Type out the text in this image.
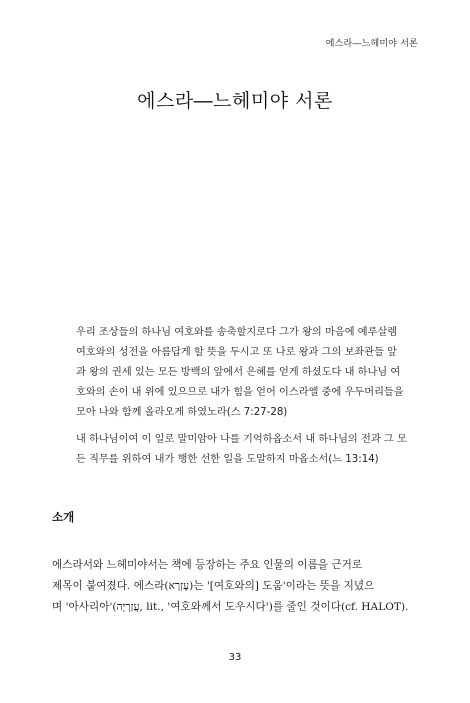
에스라―느헤미야 서론
에스라―느헤미야 서론
우리 조상들의 하나님 여호와를 송축할지로다 그가 왕의 마음에 예루살렘
여호와의 성전을 아름답게 할 뜻을 두시고 또 나로 왕과 그의 보좌관들 앞
과 왕의 권세 있는 모든 방백의 앞에서 은혜를 얻게 하셨도다 내 하나님 여
호와의 손이 내 위에 있으므로 내가 힘을 얻어 이스라엘 중에 우두머리들을
모아 나와 함께 올라오게 하였노라(스 7:27-28)
내 하나님이여 이 일로 말미암아 나를 기억하옵소서 내 하나님의 전과 그 모
든 직무를 위하여 내가 행한 선한 일을 도말하지 마옵소서(느 13:14)
소개
에스라서와 느헤미야서는 책에 등장하는 주요 인물의 이름을 근거로
제목이 붙여졌다. 에스라(עֶזְרָא)는 '[여호와의] 도움'이라는 뜻을 지녔으
며 '아사리아'(עֲזַרְיָה, lit., '여호와께서 도우시다')를 줄인 것이다(cf. HALOT).
33
